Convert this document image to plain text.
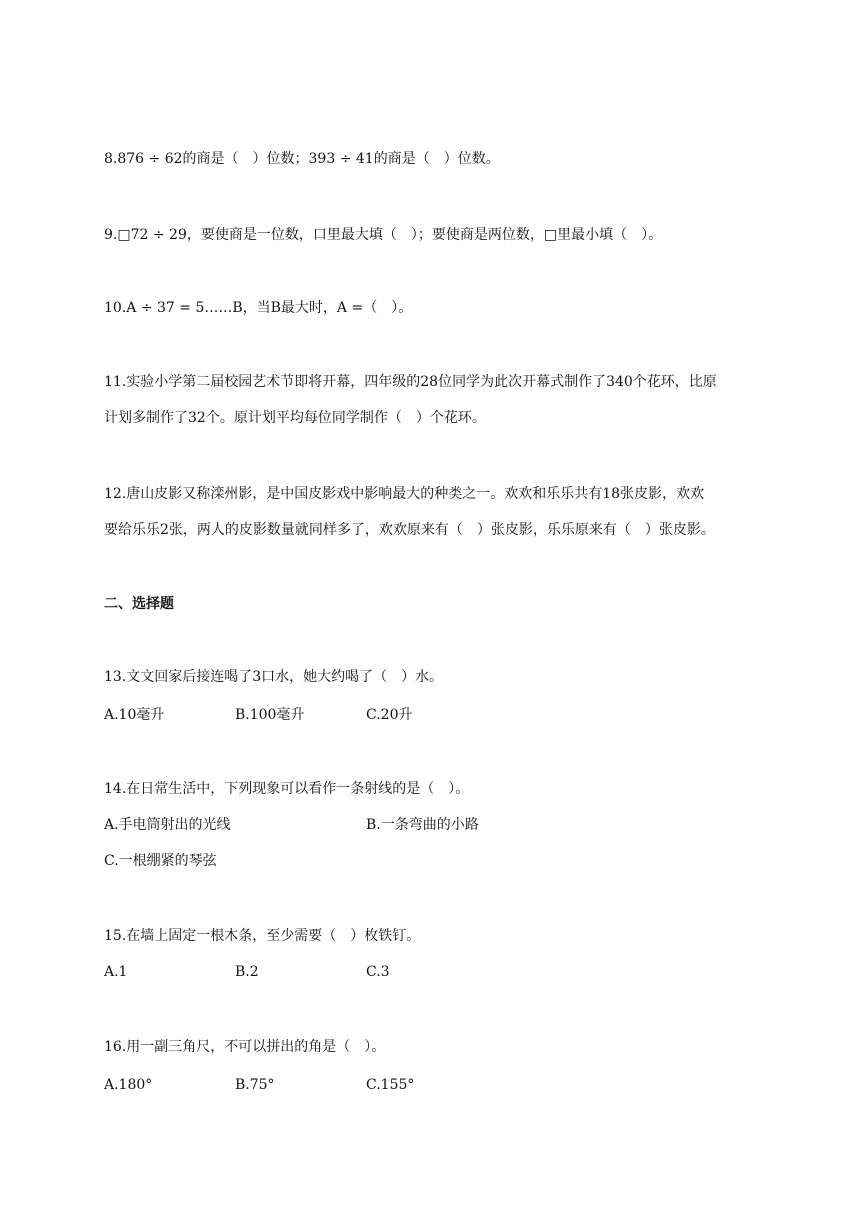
8.876 ÷ 62的商是（　）位数；393 ÷ 41的商是（　）位数。
9.□72 ÷ 29，要使商是一位数，口里最大填（　）；要使商是两位数，□里最小填（　）。
10.A ÷ 37 = 5……B，当B最大时，A =（　）。
11.实验小学第二届校园艺术节即将开幕，四年级的28位同学为此次开幕式制作了340个花环，比原
计划多制作了32个。原计划平均每位同学制作（　）个花环。
12.唐山皮影又称滦州影，是中国皮影戏中影响最大的种类之一。欢欢和乐乐共有18张皮影，欢欢
要给乐乐2张，两人的皮影数量就同样多了，欢欢原来有（　）张皮影，乐乐原来有（　）张皮影。
二、选择题
13.文文回家后接连喝了3口水，她大约喝了（　）水。
A.10毫升	B.100毫升	C.20升
14.在日常生活中，下列现象可以看作一条射线的是（　）。
A.手电筒射出的光线	B.一条弯曲的小路
C.一根绷紧的琴弦
15.在墙上固定一根木条，至少需要（　）枚铁钉。
A.1	B.2	C.3
16.用一副三角尺，不可以拼出的角是（　）。
A.180°	B.75°	C.155°
